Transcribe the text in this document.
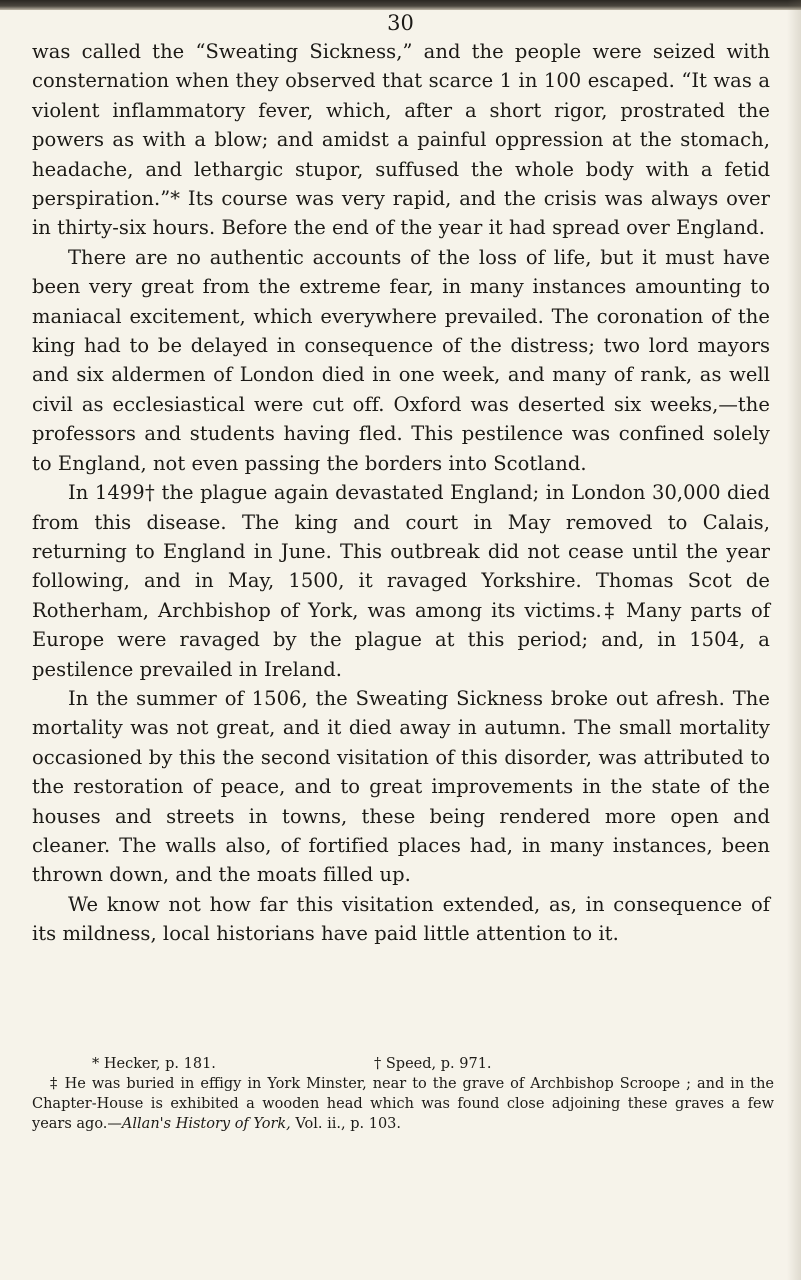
30

was called the “Sweating Sickness,” and the people were seized with consternation when they observed that scarce 1 in 100 escaped. “It was a violent inflammatory fever, which, after a short rigor, prostrated the powers as with a blow; and amidst a painful oppression at the stomach, headache, and lethargic stupor, suffused the whole body with a fetid perspiration.”* Its course was very rapid, and the crisis was always over in thirty-six hours. Before the end of the year it had spread over England.

There are no authentic accounts of the loss of life, but it must have been very great from the extreme fear, in many instances amounting to maniacal excitement, which everywhere prevailed. The coronation of the king had to be delayed in consequence of the distress; two lord mayors and six aldermen of London died in one week, and many of rank, as well civil as ecclesiastical were cut off. Oxford was deserted six weeks,—the professors and students having fled. This pestilence was confined solely to England, not even passing the borders into Scotland.

In 1499† the plague again devastated England; in London 30,000 died from this disease. The king and court in May removed to Calais, returning to England in June. This outbreak did not cease until the year following, and in May, 1500, it ravaged Yorkshire. Thomas Scot de Rotherham, Archbishop of York, was among its victims.‡ Many parts of Europe were ravaged by the plague at this period; and, in 1504, a pestilence prevailed in Ireland.

In the summer of 1506, the Sweating Sickness broke out afresh. The mortality was not great, and it died away in autumn. The small mortality occasioned by this the second visitation of this disorder, was attributed to the restoration of peace, and to great improvements in the state of the houses and streets in towns, these being rendered more open and cleaner. The walls also, of fortified places had, in many instances, been thrown down, and the moats filled up.

We know not how far this visitation extended, as, in consequence of its mildness, local historians have paid little attention to it.

* Hecker, p. 181.	† Speed, p. 971.
‡ He was buried in effigy in York Minster, near to the grave of Archbishop Scroope ; and in the Chapter-House is exhibited a wooden head which was found close adjoining these graves a few years ago.—Allan's History of York, Vol. ii., p. 103.
